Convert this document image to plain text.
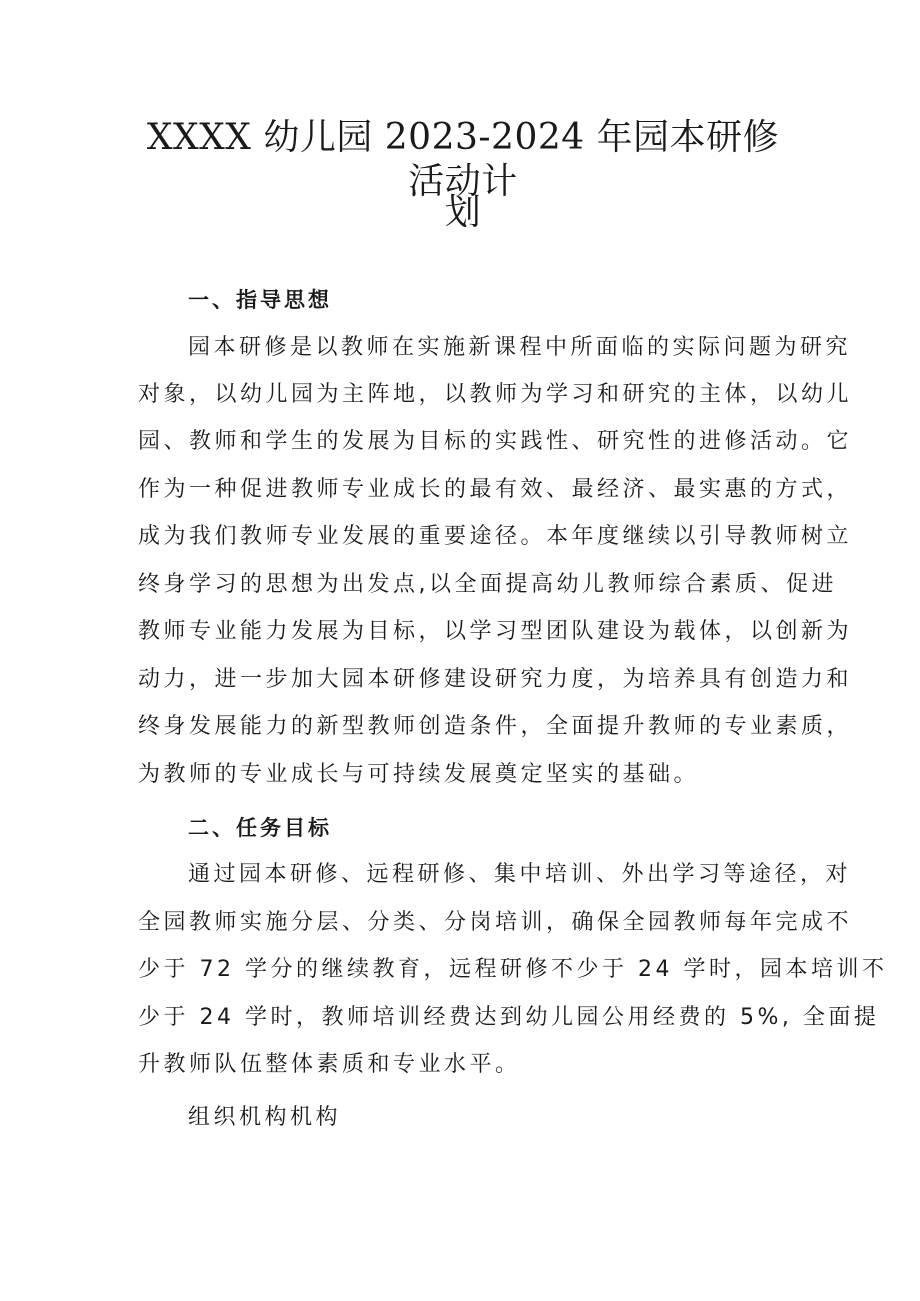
XXXX 幼儿园 2023-2024 年园本研修活动计
划
一、指导思想

园本研修是以教师在实施新课程中所面临的实际问题为研究

对象，以幼儿园为主阵地，以教师为学习和研究的主体，以幼儿

园、教师和学生的发展为目标的实践性、研究性的进修活动。它

作为一种促进教师专业成长的最有效、最经济、最实惠的方式，

成为我们教师专业发展的重要途径。本年度继续以引导教师树立

终身学习的思想为出发点,以全面提高幼儿教师综合素质、促进

教师专业能力发展为目标，以学习型团队建设为载体，以创新为

动力，进一步加大园本研修建设研究力度，为培养具有创造力和

终身发展能力的新型教师创造条件，全面提升教师的专业素质，

为教师的专业成长与可持续发展奠定坚实的基础。

二、任务目标

通过园本研修、远程研修、集中培训、外出学习等途径，对

全园教师实施分层、分类、分岗培训，确保全园教师每年完成不

少于 72 学分的继续教育，远程研修不少于 24 学时，园本培训不

少于 24 学时，教师培训经费达到幼儿园公用经费的 5%, 全面提

升教师队伍整体素质和专业水平。

组织机构机构
